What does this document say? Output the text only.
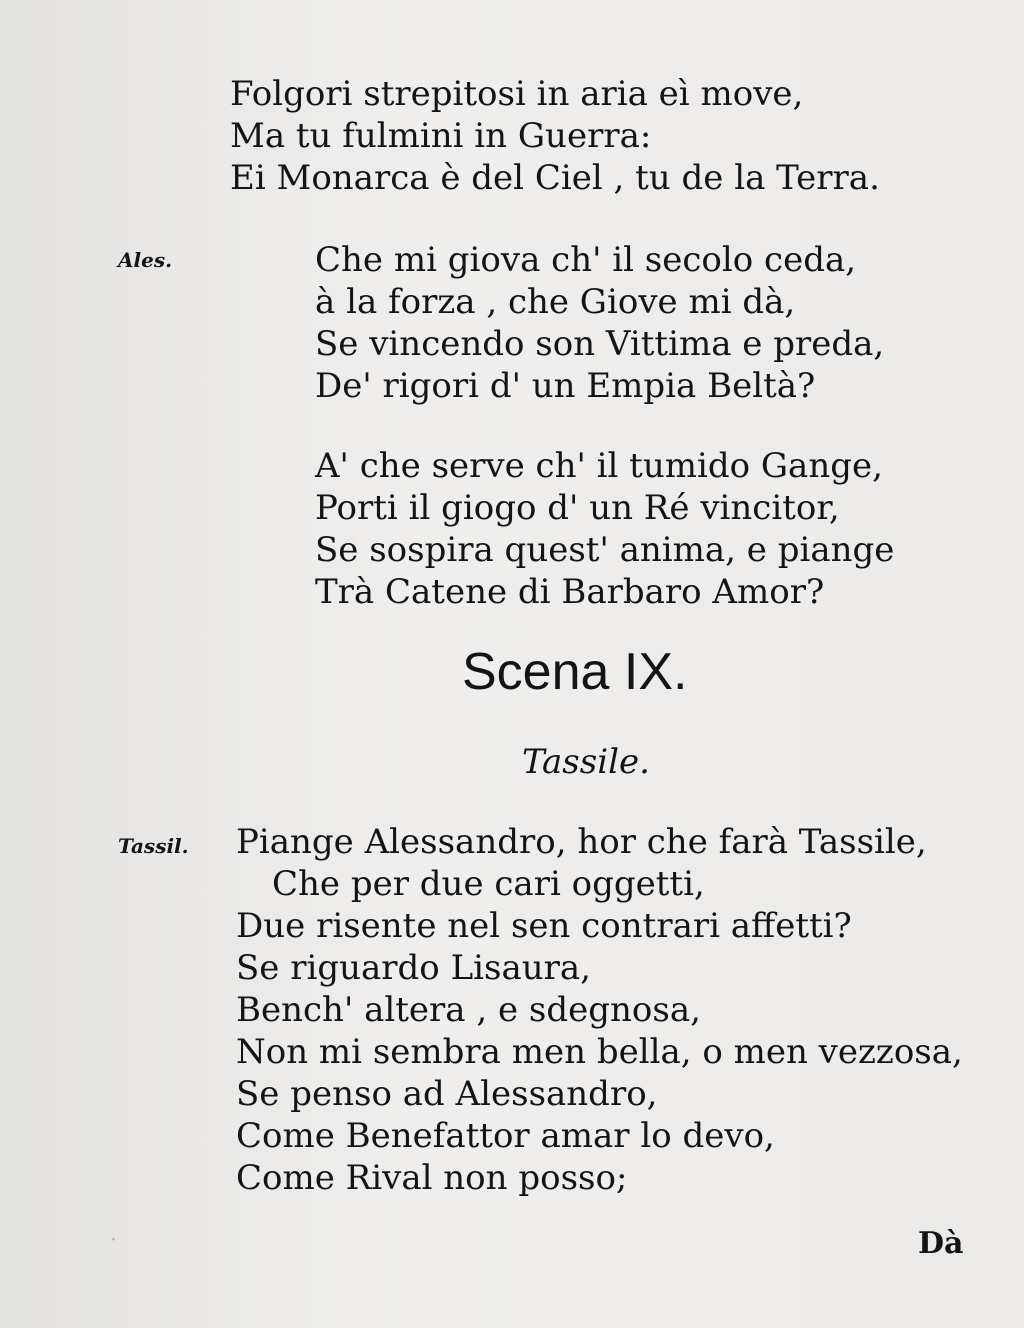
·
Folgori strepitosi in aria eì move,
Ma tu fulmini in Guerra:
Ei Monarca è del Ciel , tu de la Terra.
Ales.	Che mi giova ch' il secolo ceda,
à la forza , che Giove mi dà,
Se vincendo son Vittima e preda,
De' rigori d' un Empia Beltà?
A' che serve ch' il tumido Gange,
Porti il giogo d' un Ré vincitor,
Se sospira quest' anima, e piange
Trà Catene di Barbaro Amor?
Scena IX.
Tassile.
Tassil. Piange Alessandro, hor che farà Tassile,
Che per due cari oggetti,
Due risente nel sen contrari affetti?
Se riguardo Lisaura,
Bench' altera , e sdegnosa,
Non mi sembra men bella, o men vezzosa,
Se penso ad Alessandro,
Come Benefattor amar lo devo,
Come Rival non posso;
Dà
